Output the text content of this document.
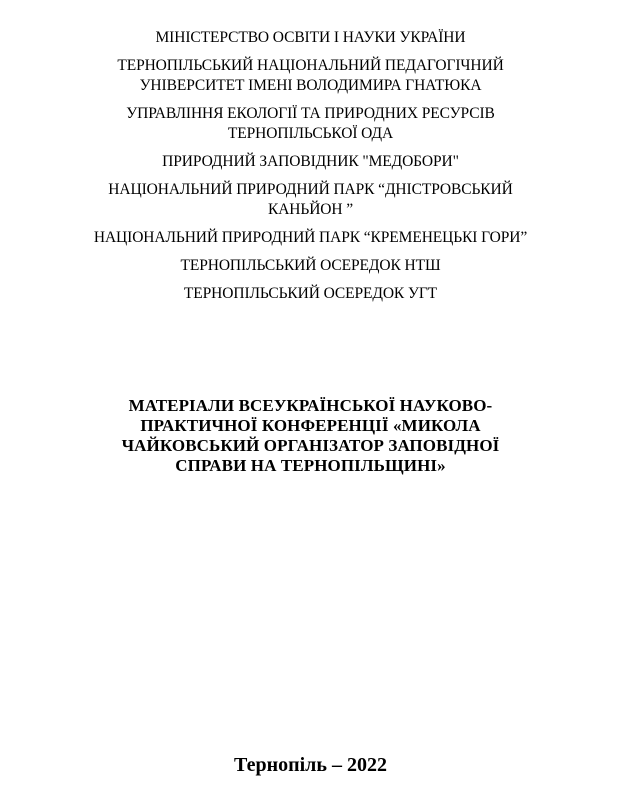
МІНІСТЕРСТВО ОСВІТИ І НАУКИ УКРАЇНИ
ТЕРНОПІЛЬСЬКИЙ НАЦІОНАЛЬНИЙ ПЕДАГОГІЧНИЙ
УНІВЕРСИТЕТ ІМЕНІ ВОЛОДИМИРА ГНАТЮКА
УПРАВЛІННЯ ЕКОЛОГІЇ ТА ПРИРОДНИХ РЕСУРСІВ
ТЕРНОПІЛЬСЬКОЇ ОДА
ПРИРОДНИЙ ЗАПОВІДНИК "МЕДОБОРИ"
НАЦІОНАЛЬНИЙ ПРИРОДНИЙ ПАРК “ДНІСТРОВСЬКИЙ
КАНЬЙОН ”
НАЦІОНАЛЬНИЙ ПРИРОДНИЙ ПАРК “КРЕМЕНЕЦЬКІ ГОРИ”
ТЕРНОПІЛЬСЬКИЙ ОСЕРЕДОК НТШ
ТЕРНОПІЛЬСЬКИЙ ОСЕРЕДОК УГТ
МАТЕРІАЛИ ВСЕУКРАЇНСЬКОЇ НАУКОВО-
ПРАКТИЧНОЇ КОНФЕРЕНЦІЇ «МИКОЛА
ЧАЙКОВСЬКИЙ ОРГАНІЗАТОР ЗАПОВІДНОЇ
СПРАВИ НА ТЕРНОПІЛЬЩИНІ»
Тернопіль – 2022
